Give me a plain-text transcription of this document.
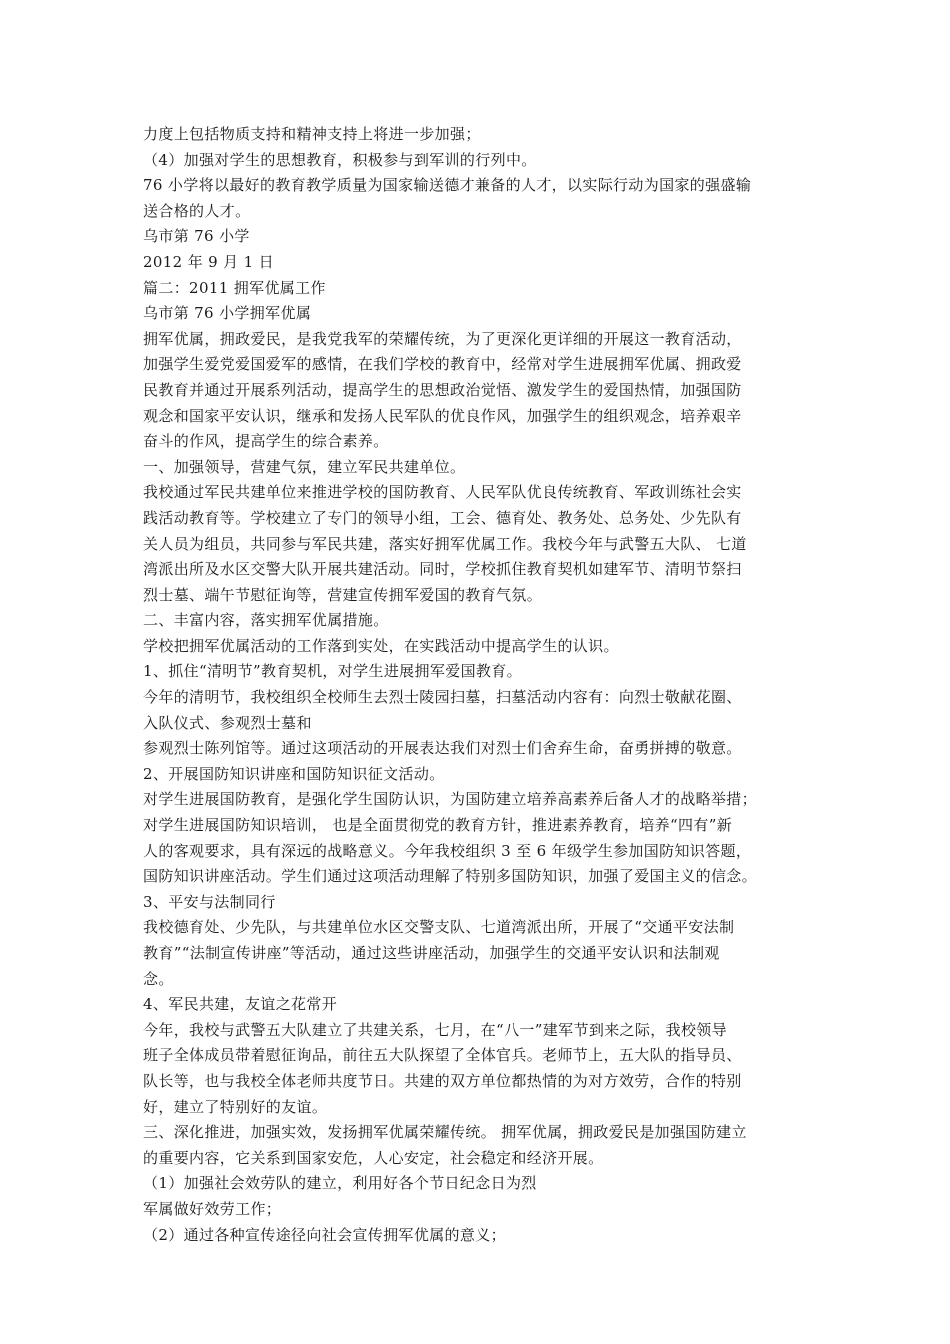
力度上包括物质支持和精神支持上将进一步加强；
（4）加强对学生的思想教育，积极参与到军训的行列中。
76 小学将以最好的教育教学质量为国家输送德才兼备的人才，以实际行动为国家的强盛输
送合格的人才。
乌市第 76 小学
2012 年 9 月 1 日
篇二：2011 拥军优属工作
乌市第 76 小学拥军优属
拥军优属，拥政爱民，是我党我军的荣耀传统，为了更深化更详细的开展这一教育活动，
加强学生爱党爱国爱军的感情，在我们学校的教育中，经常对学生进展拥军优属、拥政爱
民教育并通过开展系列活动，提高学生的思想政治觉悟、激发学生的爱国热情，加强国防
观念和国家平安认识，继承和发扬人民军队的优良作风，加强学生的组织观念，培养艰辛
奋斗的作风，提高学生的综合素养。
一、加强领导，营建气氛，建立军民共建单位。
我校通过军民共建单位来推进学校的国防教育、人民军队优良传统教育、军政训练社会实
践活动教育等。学校建立了专门的领导小组，工会、德育处、教务处、总务处、少先队有
关人员为组员，共同参与军民共建，落实好拥军优属工作。我校今年与武警五大队、 七道
湾派出所及水区交警大队开展共建活动。同时，学校抓住教育契机如建军节、清明节祭扫
烈士墓、端午节慰征询等，营建宣传拥军爱国的教育气氛。
二、丰富内容，落实拥军优属措施。
学校把拥军优属活动的工作落到实处，在实践活动中提高学生的认识。
1、抓住“清明节”教育契机，对学生进展拥军爱国教育。
今年的清明节，我校组织全校师生去烈士陵园扫墓，扫墓活动内容有：向烈士敬献花圈、
入队仪式、参观烈士墓和
参观烈士陈列馆等。通过这项活动的开展表达我们对烈士们舍弃生命，奋勇拼搏的敬意。
2、开展国防知识讲座和国防知识征文活动。
对学生进展国防教育，是强化学生国防认识，为国防建立培养高素养后备人才的战略举措；
对学生进展国防知识培训， 也是全面贯彻党的教育方针，推进素养教育，培养“四有”新
人的客观要求，具有深远的战略意义。今年我校组织 3 至 6 年级学生参加国防知识答题，
国防知识讲座活动。学生们通过这项活动理解了特别多国防知识，加强了爱国主义的信念。
3、平安与法制同行
我校德育处、少先队，与共建单位水区交警支队、七道湾派出所，开展了“交通平安法制
教育”“法制宣传讲座”等活动，通过这些讲座活动，加强学生的交通平安认识和法制观
念。
4、军民共建，友谊之花常开
今年，我校与武警五大队建立了共建关系，七月，在“八一”建军节到来之际，我校领导
班子全体成员带着慰征询品，前往五大队探望了全体官兵。老师节上，五大队的指导员、
队长等，也与我校全体老师共度节日。共建的双方单位都热情的为对方效劳，合作的特别
好，建立了特别好的友谊。
三、深化推进，加强实效，发扬拥军优属荣耀传统。 拥军优属，拥政爱民是加强国防建立
的重要内容，它关系到国家安危，人心安定，社会稳定和经济开展。
（1）加强社会效劳队的建立，利用好各个节日纪念日为烈
军属做好效劳工作；
（2）通过各种宣传途径向社会宣传拥军优属的意义；
